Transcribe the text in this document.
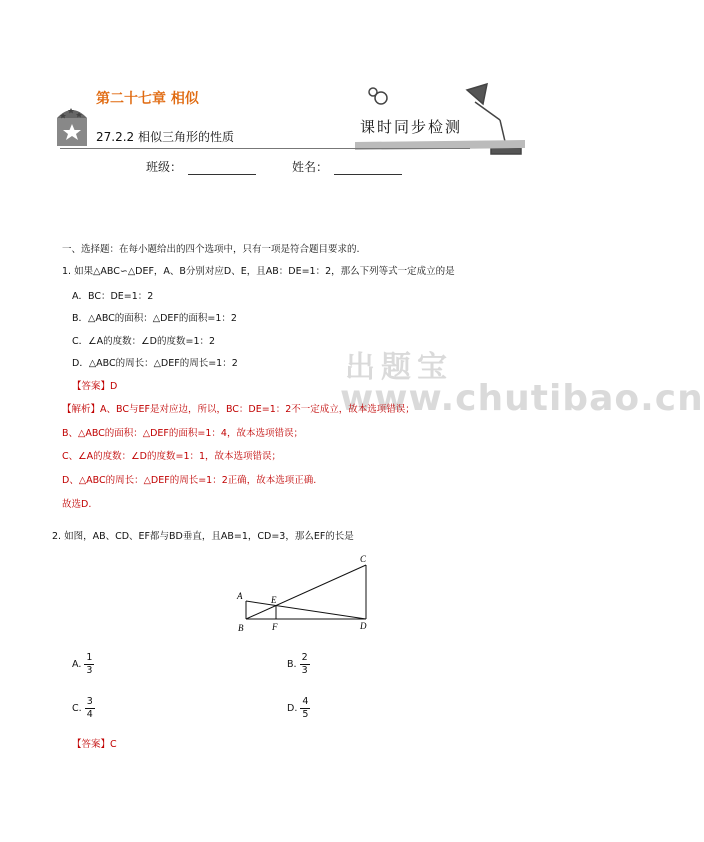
第二十七章 相似
27.2.2 相似三角形的性质
课时同步检测
班级：	姓名：
出题宝
www.chutibao.cn
一、选择题：在每小题给出的四个选项中，只有一项是符合题目要求的.
1. 如果△ABC∽△DEF，A、B分别对应D、E，且AB：DE=1：2，那么下列等式一定成立的是
A．BC：DE=1：2
B．△ABC的面积：△DEF的面积=1：2
C．∠A的度数：∠D的度数=1：2
D．△ABC的周长：△DEF的周长=1：2
【答案】D
【解析】A、BC与EF是对应边，所以，BC：DE=1：2不一定成立，故本选项错误；
B、△ABC的面积：△DEF的面积=1：4，故本选项错误；
C、∠A的度数：∠D的度数=1：1，故本选项错误；
D、△ABC的周长：△DEF的周长=1：2正确，故本选项正确.
故选D.
2. 如图，AB、CD、EF都与BD垂直，且AB=1，CD=3，那么EF的长是
A
B
C
D
E
F
A. $\frac{1}{3}$	B. $\frac{2}{3}$
C. $\frac{3}{4}$	D. $\frac{4}{5}$
【答案】C
